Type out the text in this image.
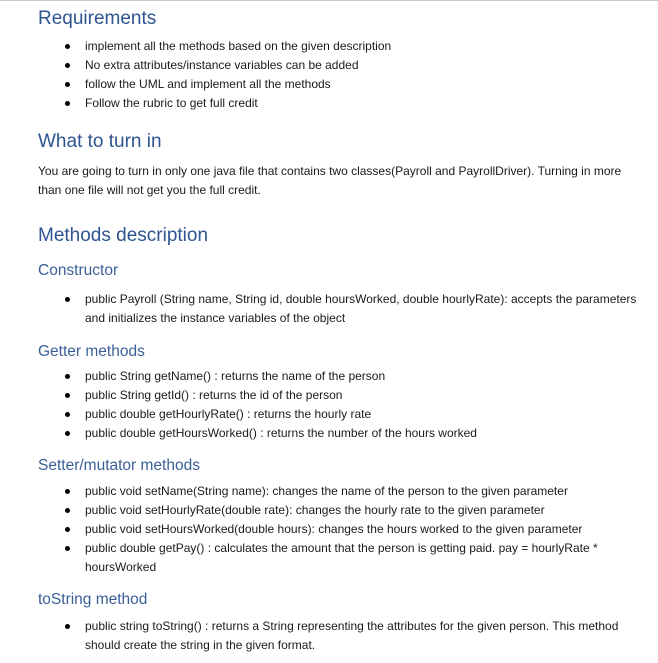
Requirements
implement all the methods based on the given description
No extra attributes/instance variables can be added
follow the UML and implement all the methods
Follow the rubric to get full credit
What to turn in

You are going to turn in only one java file that contains two classes(Payroll and PayrollDriver). Turning in more than one file will not get you the full credit.

Methods description
Constructor
public Payroll (String name, String id, double hoursWorked, double hourlyRate): accepts the parameters and initializes the instance variables of the object
Getter methods
public String getName() : returns the name of the person
public String getId() : returns the id of the person
public double getHourlyRate() : returns the hourly rate
public double getHoursWorked() : returns the number of the hours worked
Setter/mutator methods
public void setName(String name): changes the name of the person to the given parameter
public void setHourlyRate(double rate): changes the hourly rate to the given parameter
public void setHoursWorked(double hours): changes the hours worked to the given parameter
public double getPay() : calculates the amount that the person is getting paid. pay = hourlyRate * hoursWorked
toString method
public string toString() : returns a String representing the attributes for the given person. This method should create the string in the given format.
